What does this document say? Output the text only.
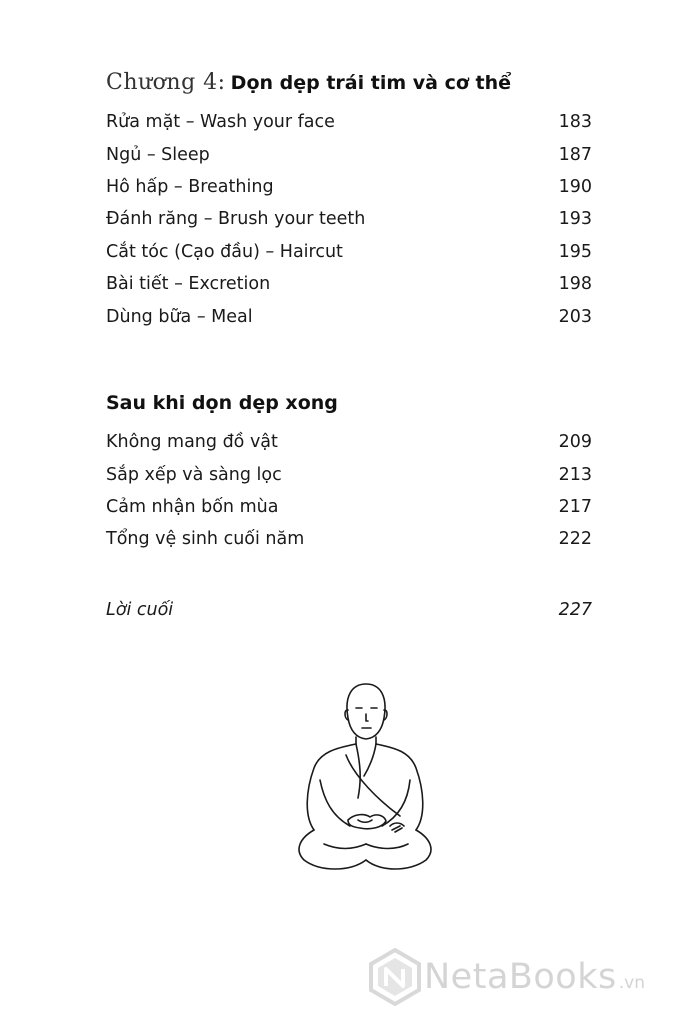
Chương 4: Dọn dẹp trái tim và cơ thể
Rửa mặt – Wash your face	183
Ngủ – Sleep	187
Hô hấp – Breathing	190
Đánh răng – Brush your teeth	193
Cắt tóc (Cạo đầu) – Haircut	195
Bài tiết – Excretion	198
Dùng bữa – Meal	203
Sau khi dọn dẹp xong
Không mang đồ vật	209
Sắp xếp và sàng lọc	213
Cảm nhận bốn mùa	217
Tổng vệ sinh cuối năm	222
Lời cuối	227
NetaBooks .vn
